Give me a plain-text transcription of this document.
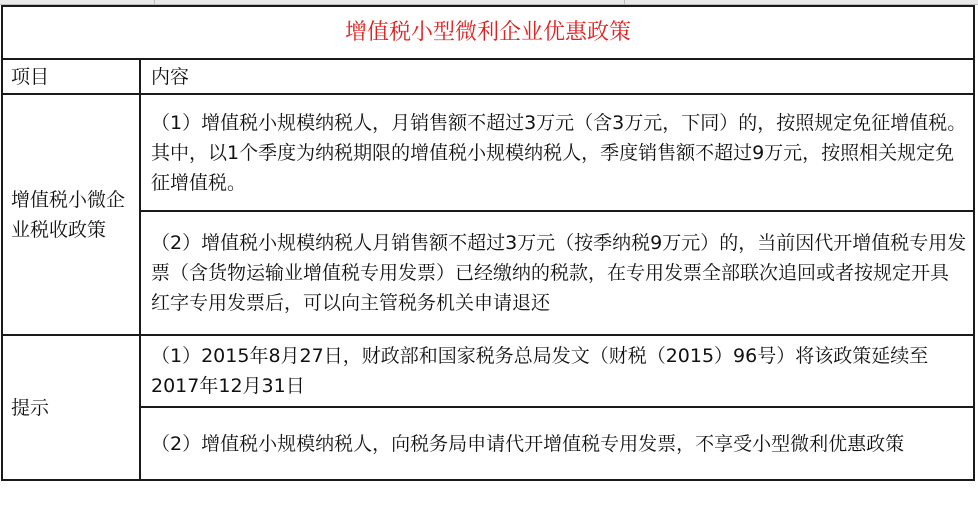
增值税小型微利企业优惠政策	
项目	内容
增值税小微企业税收政策	（1）增值税小规模纳税人，月销售额不超过3万元（含3万元，下同）的，按照规定免征增值税。其中，以1个季度为纳税期限的增值税小规模纳税人，季度销售额不超过9万元，按照相关规定免征增值税。
	（2）增值税小规模纳税人月销售额不超过3万元（按季纳税9万元）的，当前因代开增值税专用发票（含货物运输业增值税专用发票）已经缴纳的税款，在专用发票全部联次追回或者按规定开具红字专用发票后，可以向主管税务机关申请退还
提示	（1）2015年8月27日，财政部和国家税务总局发文（财税（2015）96号）将该政策延续至2017年12月31日
	（2）增值税小规模纳税人，向税务局申请代开增值税专用发票，不享受小型微利优惠政策
